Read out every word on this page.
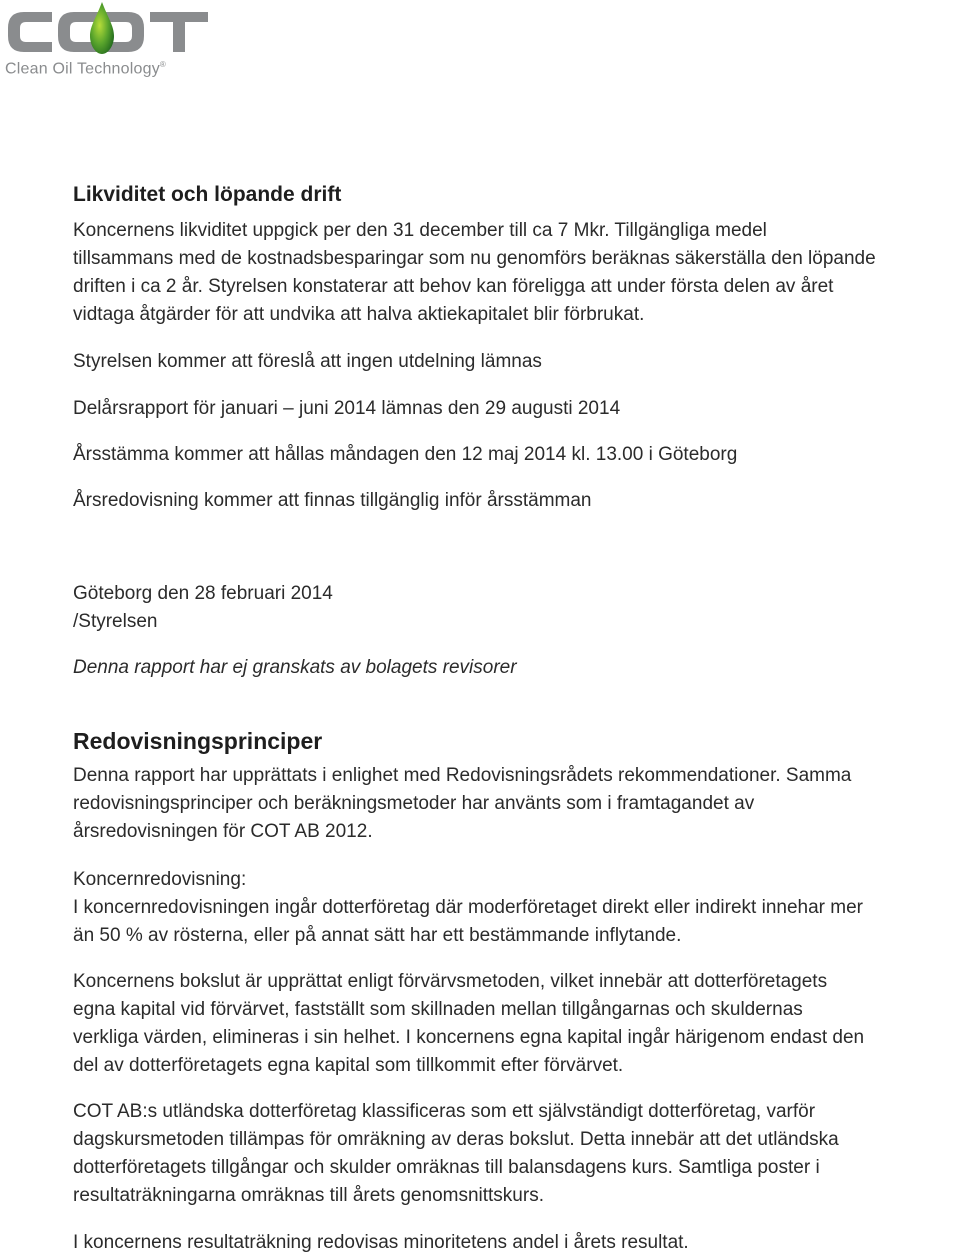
Clean Oil Technology®
Likviditet och löpande drift
Koncernens likviditet uppgick per den 31 december till ca 7 Mkr. Tillgängliga medel
tillsammans med de kostnadsbesparingar som nu genomförs beräknas säkerställa den löpande
driften i ca 2 år. Styrelsen konstaterar att behov kan föreligga att under första delen av året
vidtaga åtgärder för att undvika att halva aktiekapitalet blir förbrukat.
Styrelsen kommer att föreslå att ingen utdelning lämnas
Delårsrapport för januari – juni 2014 lämnas den 29 augusti 2014
Årsstämma kommer att hållas måndagen den 12 maj 2014 kl. 13.00 i Göteborg
Årsredovisning kommer att finnas tillgänglig inför årsstämman
Göteborg den 28 februari 2014
/Styrelsen
Denna rapport har ej granskats av bolagets revisorer
Redovisningsprinciper
Denna rapport har upprättats i enlighet med Redovisningsrådets rekommendationer. Samma
redovisningsprinciper och beräkningsmetoder har använts som i framtagandet av
årsredovisningen för COT AB 2012.
Koncernredovisning:
I koncernredovisningen ingår dotterföretag där moderföretaget direkt eller indirekt innehar mer
än 50 % av rösterna, eller på annat sätt har ett bestämmande inflytande.
Koncernens bokslut är upprättat enligt förvärvsmetoden, vilket innebär att dotterföretagets
egna kapital vid förvärvet, fastställt som skillnaden mellan tillgångarnas och skuldernas
verkliga värden, elimineras i sin helhet. I koncernens egna kapital ingår härigenom endast den
del av dotterföretagets egna kapital som tillkommit efter förvärvet.
COT AB:s utländska dotterföretag klassificeras som ett självständigt dotterföretag, varför
dagskursmetoden tillämpas för omräkning av deras bokslut. Detta innebär att det utländska
dotterföretagets tillgångar och skulder omräknas till balansdagens kurs. Samtliga poster i
resultaträkningarna omräknas till årets genomsnittskurs.
I koncernens resultaträkning redovisas minoritetens andel i årets resultat.
